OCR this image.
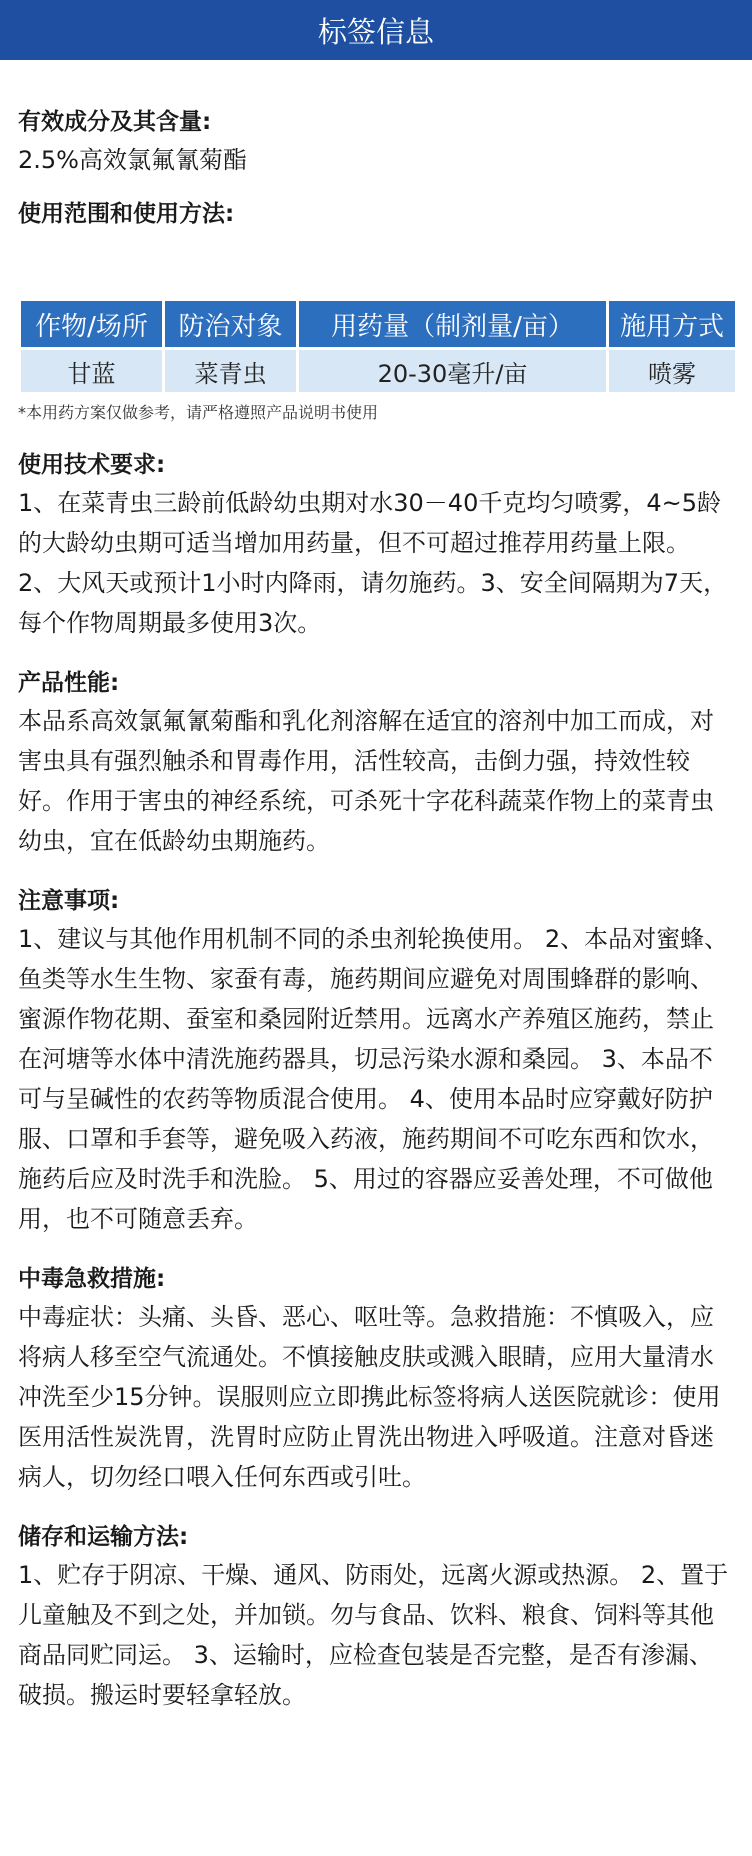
标签信息
有效成分及其含量:
2.5%高效氯氟氰菊酯
使用范围和使用方法:
作物/场所	防治对象	用药量（制剂量/亩）	施用方式
甘蓝	菜青虫	20-30毫升/亩	喷雾
*本用药方案仅做参考，请严格遵照产品说明书使用
使用技术要求:
1、在菜青虫三龄前低龄幼虫期对水30－40千克均匀喷雾，4~5龄的大龄幼虫期可适当增加用药量，但不可超过推荐用药量上限。 2、大风天或预计1小时内降雨，请勿施药。3、安全间隔期为7天，每个作物周期最多使用3次。
产品性能:
本品系高效氯氟氰菊酯和乳化剂溶解在适宜的溶剂中加工而成，对害虫具有强烈触杀和胃毒作用，活性较高，击倒力强，持效性较好。作用于害虫的神经系统，可杀死十字花科蔬菜作物上的菜青虫幼虫，宜在低龄幼虫期施药。
注意事项:
1、建议与其他作用机制不同的杀虫剂轮换使用。 2、本品对蜜蜂、鱼类等水生生物、家蚕有毒，施药期间应避免对周围蜂群的影响、蜜源作物花期、蚕室和桑园附近禁用。远离水产养殖区施药，禁止在河塘等水体中清洗施药器具，切忌污染水源和桑园。 3、本品不可与呈碱性的农药等物质混合使用。 4、使用本品时应穿戴好防护服、口罩和手套等，避免吸入药液，施药期间不可吃东西和饮水，施药后应及时洗手和洗脸。 5、用过的容器应妥善处理，不可做他用，也不可随意丢弃。
中毒急救措施:
中毒症状：头痛、头昏、恶心、呕吐等。急救措施：不慎吸入，应将病人移至空气流通处。不慎接触皮肤或溅入眼睛，应用大量清水冲洗至少15分钟。误服则应立即携此标签将病人送医院就诊：使用医用活性炭洗胃，洗胃时应防止胃洗出物进入呼吸道。注意对昏迷病人，切勿经口喂入任何东西或引吐。
储存和运输方法:
1、贮存于阴凉、干燥、通风、防雨处，远离火源或热源。 2、置于儿童触及不到之处，并加锁。勿与食品、饮料、粮食、饲料等其他商品同贮同运。 3、运输时，应检查包装是否完整，是否有渗漏、破损。搬运时要轻拿轻放。
